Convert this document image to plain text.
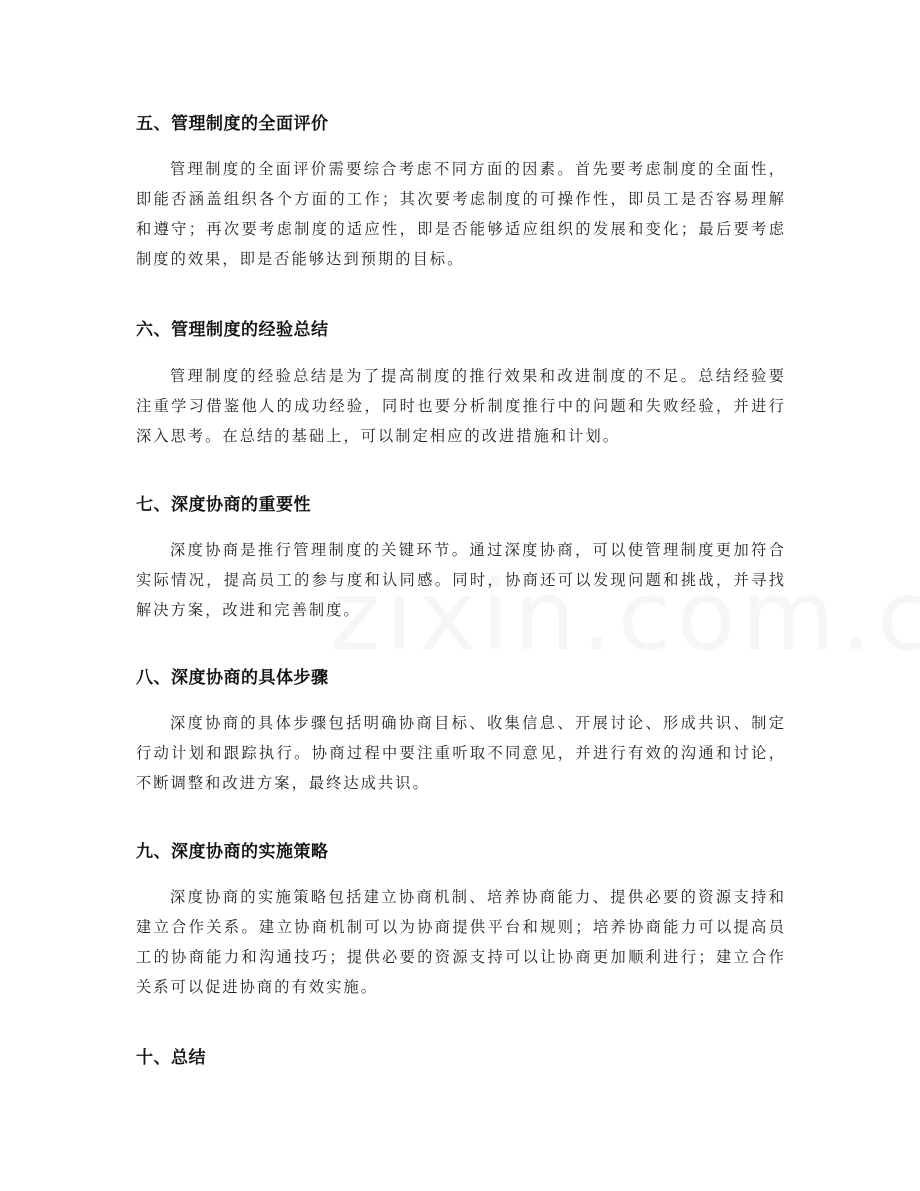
五、管理制度的全面评价

管理制度的全面评价需要综合考虑不同方面的因素。首先要考虑制度的全面性，即能否涵盖组织各个方面的工作；其次要考虑制度的可操作性，即员工是否容易理解和遵守；再次要考虑制度的适应性，即是否能够适应组织的发展和变化；最后要考虑制度的效果，即是否能够达到预期的目标。

六、管理制度的经验总结

管理制度的经验总结是为了提高制度的推行效果和改进制度的不足。总结经验要注重学习借鉴他人的成功经验，同时也要分析制度推行中的问题和失败经验，并进行深入思考。在总结的基础上，可以制定相应的改进措施和计划。

七、深度协商的重要性

深度协商是推行管理制度的关键环节。通过深度协商，可以使管理制度更加符合实际情况，提高员工的参与度和认同感。同时，协商还可以发现问题和挑战，并寻找解决方案，改进和完善制度。

八、深度协商的具体步骤

深度协商的具体步骤包括明确协商目标、收集信息、开展讨论、形成共识、制定行动计划和跟踪执行。协商过程中要注重听取不同意见，并进行有效的沟通和讨论，不断调整和改进方案，最终达成共识。

九、深度协商的实施策略

深度协商的实施策略包括建立协商机制、培养协商能力、提供必要的资源支持和建立合作关系。建立协商机制可以为协商提供平台和规则；培养协商能力可以提高员工的协商能力和沟通技巧；提供必要的资源支持可以让协商更加顺利进行；建立合作关系可以促进协商的有效实施。

十、总结
